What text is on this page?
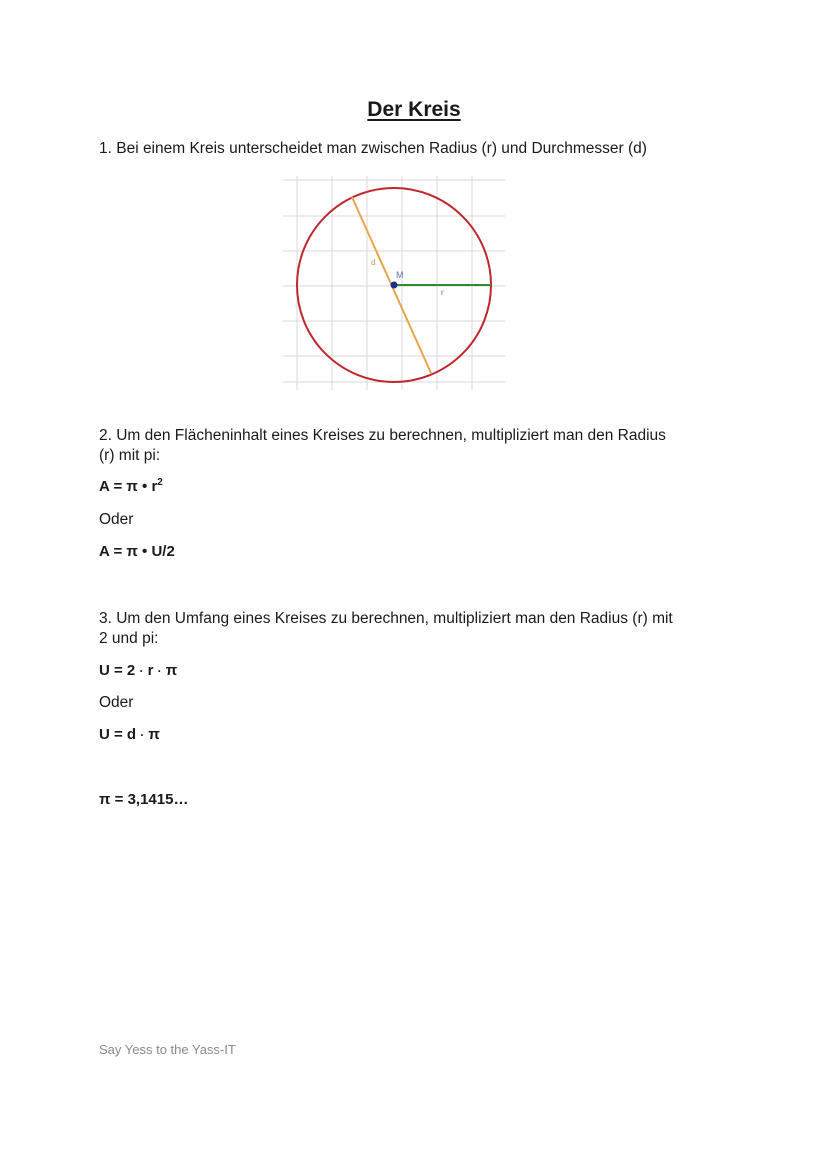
Der Kreis
1. Bei einem Kreis unterscheidet man zwischen Radius (r) und Durchmesser (d)
d
M
r
2. Um den Flächeninhalt eines Kreises zu berechnen, multipliziert man den Radius
(r) mit pi:
A = π • $r^2$
Oder
A = π • U/2
3. Um den Umfang eines Kreises zu berechnen, multipliziert man den Radius (r) mit
2 und pi:
U = 2 · r · π
Oder
U = d · π
π = 3,1415…
Say Yess to the Yass-IT
